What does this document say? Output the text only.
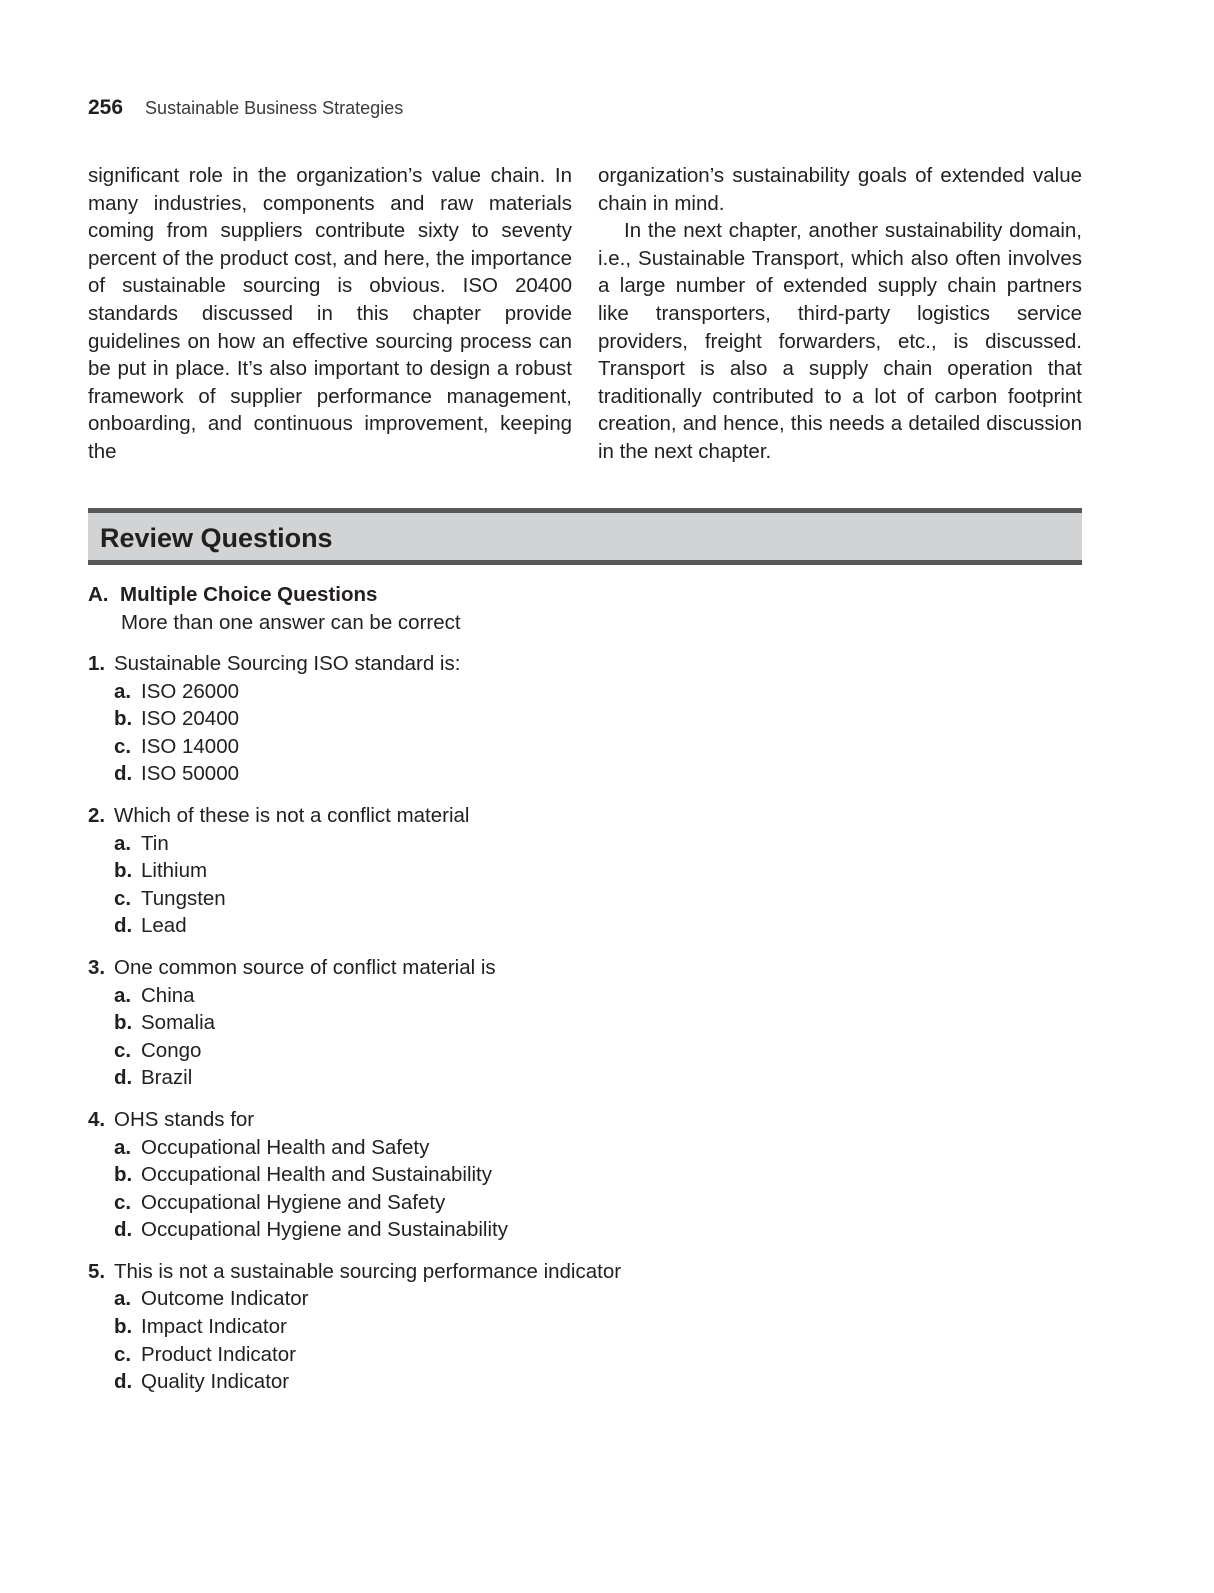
256 Sustainable Business Strategies

significant role in the organization’s value chain. In many industries, components and raw materials coming from suppliers contribute sixty to seventy percent of the product cost, and here, the importance of sustainable sourcing is obvious. ISO 20400 standards discussed in this chapter provide guidelines on how an effective sourcing process can be put in place. It’s also important to design a robust framework of supplier performance management, onboarding, and continuous improvement, keeping the

organization’s sustainability goals of extended value chain in mind.

In the next chapter, another sustainability domain, i.e., Sustainable Transport, which also often involves a large number of extended supply chain partners like transporters, third-party logistics service providers, freight forwarders, etc., is discussed. Transport is also a supply chain operation that traditionally contributed to a lot of carbon footprint creation, and hence, this needs a detailed discussion in the next chapter.

Review Questions
A. Multiple Choice Questions
More than one answer can be correct
1. Sustainable Sourcing ISO standard is:
a. ISO 26000
b. ISO 20400
c. ISO 14000
d. ISO 50000
2. Which of these is not a conflict material
a. Tin
b. Lithium
c. Tungsten
d. Lead
3. One common source of conflict material is
a. China
b. Somalia
c. Congo
d. Brazil
4. OHS stands for
a. Occupational Health and Safety
b. Occupational Health and Sustainability
c. Occupational Hygiene and Safety
d. Occupational Hygiene and Sustainability
5. This is not a sustainable sourcing performance indicator
a. Outcome Indicator
b. Impact Indicator
c. Product Indicator
d. Quality Indicator
